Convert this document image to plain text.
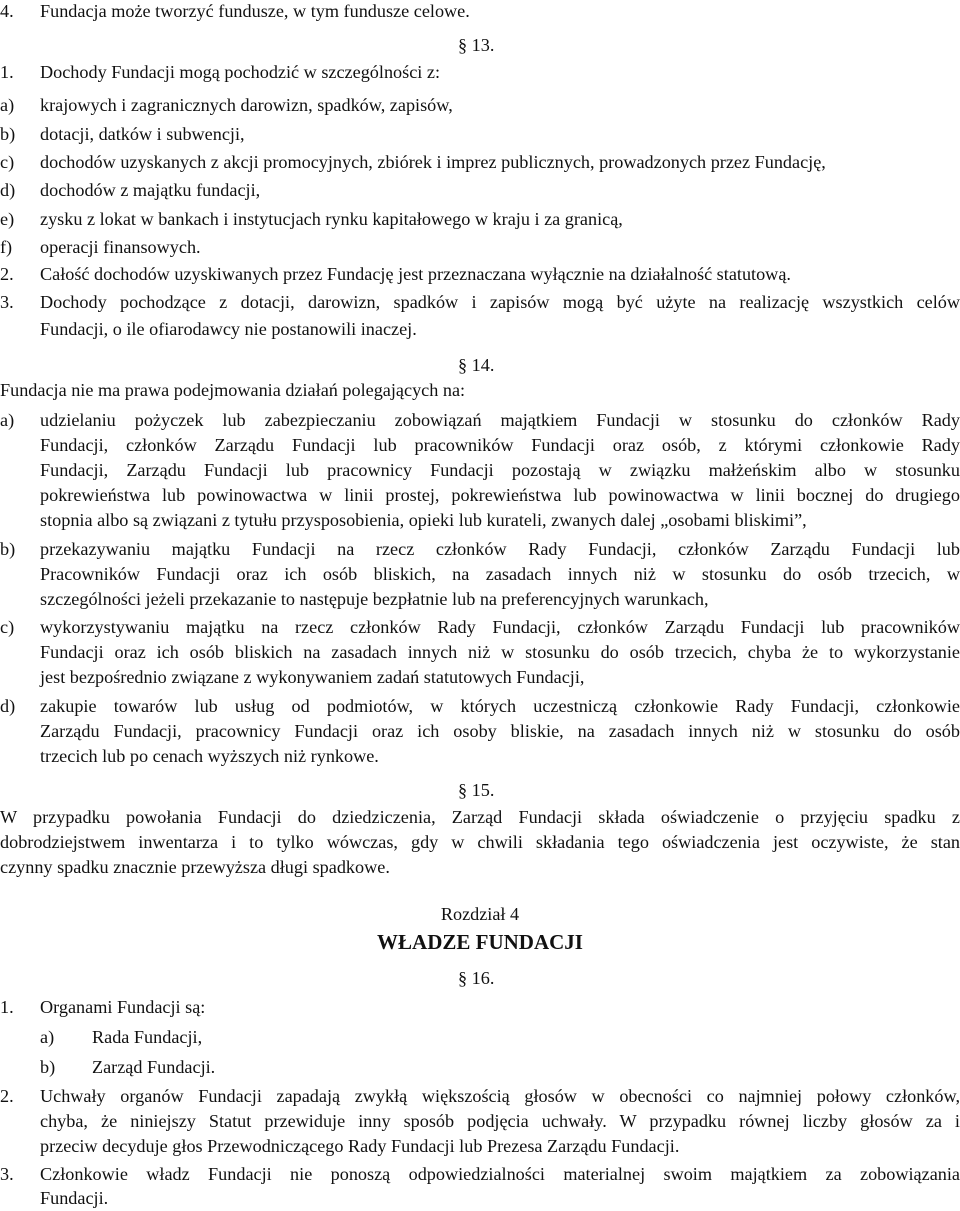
4. Fundacja może tworzyć fundusze, w tym fundusze celowe.
§ 13.
1. Dochody Fundacji mogą pochodzić w szczególności z:
a) krajowych i zagranicznych darowizn, spadków, zapisów,
b) dotacji, datków i subwencji,
c) dochodów uzyskanych z akcji promocyjnych, zbiórek i imprez publicznych, prowadzonych przez Fundację,
d) dochodów z majątku fundacji,
e) zysku z lokat w bankach i instytucjach rynku kapitałowego w kraju i za granicą,
f) operacji finansowych.
2. Całość dochodów uzyskiwanych przez Fundację jest przeznaczana wyłącznie na działalność statutową.
3. Dochody pochodzące z dotacji, darowizn, spadków i zapisów mogą być użyte na realizację wszystkich celów
Fundacji, o ile ofiarodawcy nie postanowili inaczej.
§ 14.
Fundacja nie ma prawa podejmowania działań polegających na:
a) udzielaniu pożyczek lub zabezpieczaniu zobowiązań majątkiem Fundacji w stosunku do członków Rady
Fundacji, członków Zarządu Fundacji lub pracowników Fundacji oraz osób, z którymi członkowie Rady
Fundacji, Zarządu Fundacji lub pracownicy Fundacji pozostają w związku małżeńskim albo w stosunku
pokrewieństwa lub powinowactwa w linii prostej, pokrewieństwa lub powinowactwa w linii bocznej do drugiego
stopnia albo są związani z tytułu przysposobienia, opieki lub kurateli, zwanych dalej „osobami bliskimi”,
b) przekazywaniu majątku Fundacji na rzecz członków Rady Fundacji, członków Zarządu Fundacji lub
Pracowników Fundacji oraz ich osób bliskich, na zasadach innych niż w stosunku do osób trzecich, w
szczególności jeżeli przekazanie to następuje bezpłatnie lub na preferencyjnych warunkach,
c) wykorzystywaniu majątku na rzecz członków Rady Fundacji, członków Zarządu Fundacji lub pracowników
Fundacji oraz ich osób bliskich na zasadach innych niż w stosunku do osób trzecich, chyba że to wykorzystanie
jest bezpośrednio związane z wykonywaniem zadań statutowych Fundacji,
d) zakupie towarów lub usług od podmiotów, w których uczestniczą członkowie Rady Fundacji, członkowie
Zarządu Fundacji, pracownicy Fundacji oraz ich osoby bliskie, na zasadach innych niż w stosunku do osób
trzecich lub po cenach wyższych niż rynkowe.
§ 15.
W przypadku powołania Fundacji do dziedziczenia, Zarząd Fundacji składa oświadczenie o przyjęciu spadku z
dobrodziejstwem inwentarza i to tylko wówczas, gdy w chwili składania tego oświadczenia jest oczywiste, że stan
czynny spadku znacznie przewyższa długi spadkowe.
Rozdział 4
WŁADZE FUNDACJI
§ 16.
1. Organami Fundacji są:
a) Rada Fundacji,
b) Zarząd Fundacji.
2. Uchwały organów Fundacji zapadają zwykłą większością głosów w obecności co najmniej połowy członków,
chyba, że niniejszy Statut przewiduje inny sposób podjęcia uchwały. W przypadku równej liczby głosów za i
przeciw decyduje głos Przewodniczącego Rady Fundacji lub Prezesa Zarządu Fundacji.
3. Członkowie władz Fundacji nie ponoszą odpowiedzialności materialnej swoim majątkiem za zobowiązania
Fundacji.
